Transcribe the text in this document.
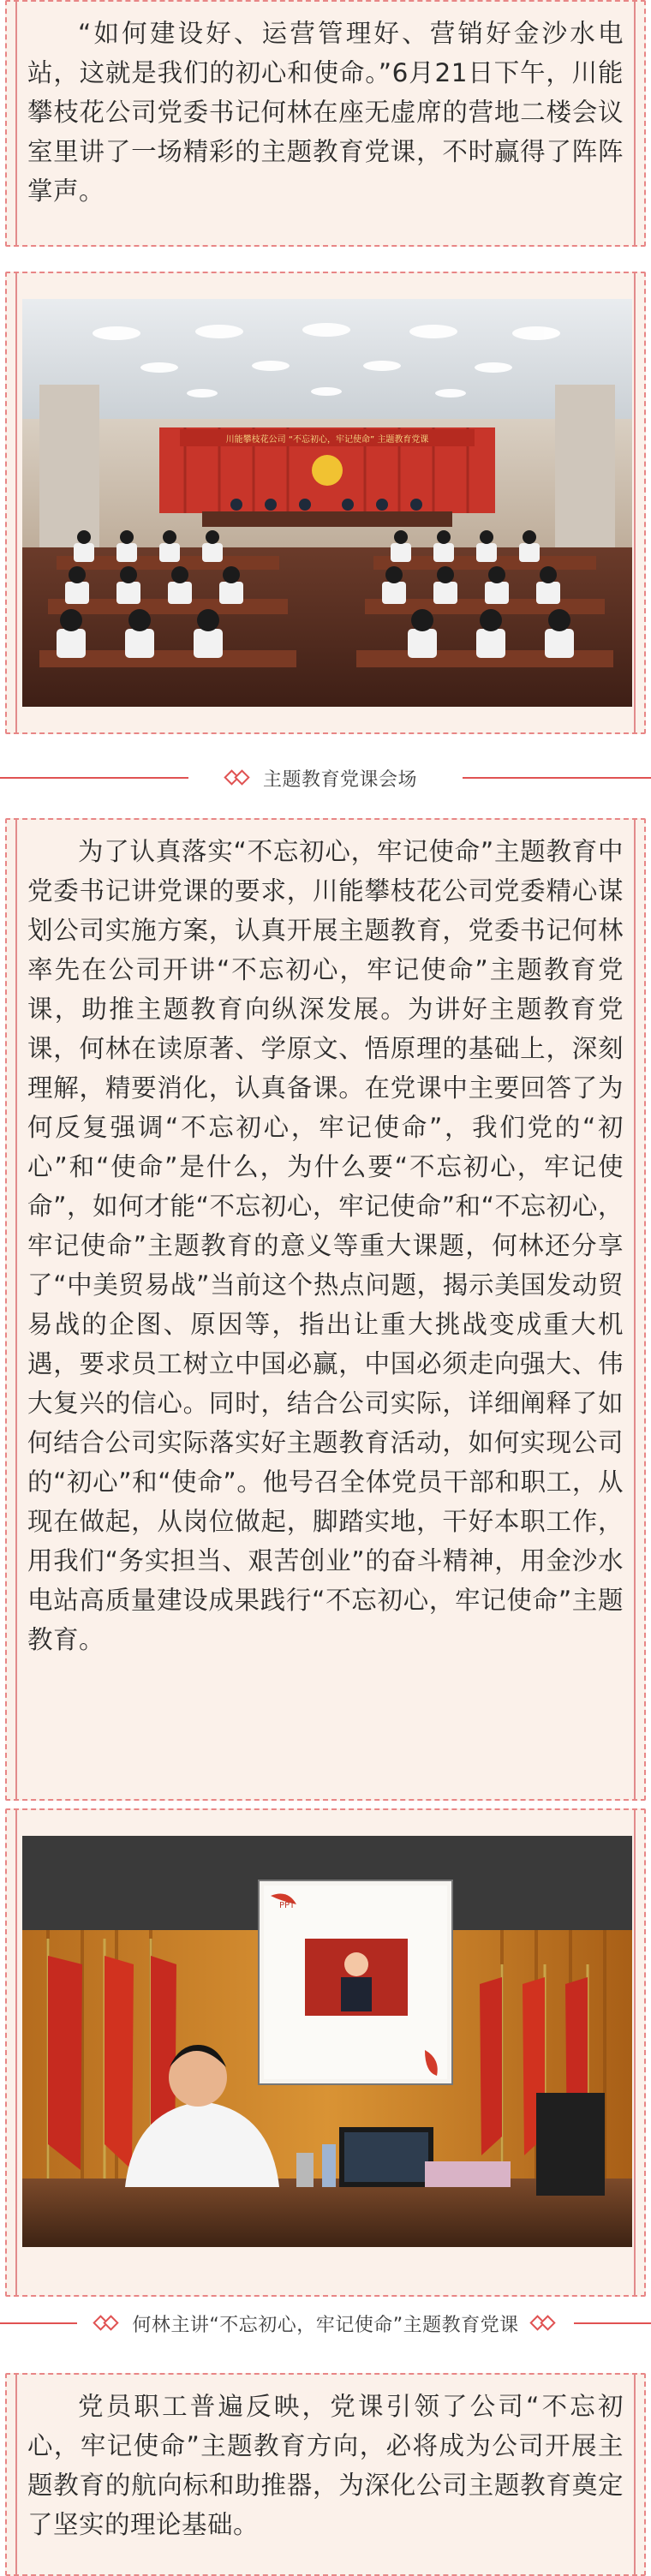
“如何建设好、运营管理好、营销好金沙水电站，这就是我们的初心和使命。”6月21日下午，川能攀枝花公司党委书记何林在座无虚席的营地二楼会议室里讲了一场精彩的主题教育党课，不时赢得了阵阵掌声。

川能攀枝花公司 “不忘初心，牢记使命” 主题教育党课
主题教育党课会场

为了认真落实“不忘初心，牢记使命”主题教育中党委书记讲党课的要求，川能攀枝花公司党委精心谋划公司实施方案，认真开展主题教育，党委书记何林率先在公司开讲“不忘初心，牢记使命”主题教育党课，助推主题教育向纵深发展。为讲好主题教育党课，何林在读原著、学原文、悟原理的基础上，深刻理解，精要消化，认真备课。在党课中主要回答了为何反复强调“不忘初心，牢记使命”，我们党的“初心”和“使命”是什么，为什么要“不忘初心，牢记使命”，如何才能“不忘初心，牢记使命”和“不忘初心，牢记使命”主题教育的意义等重大课题，何林还分享了“中美贸易战”当前这个热点问题，揭示美国发动贸易战的企图、原因等，指出让重大挑战变成重大机遇，要求员工树立中国必赢，中国必须走向强大、伟大复兴的信心。同时，结合公司实际，详细阐释了如何结合公司实际落实好主题教育活动，如何实现公司的“初心”和“使命”。他号召全体党员干部和职工，从现在做起，从岗位做起，脚踏实地，干好本职工作，用我们“务实担当、艰苦创业”的奋斗精神，用金沙水电站高质量建设成果践行“不忘初心，牢记使命”主题教育。

PPT
何林主讲“不忘初心，牢记使命”主题教育党课

党员职工普遍反映，党课引领了公司“不忘初心，牢记使命”主题教育方向，必将成为公司开展主题教育的航向标和助推器，为深化公司主题教育奠定了坚实的理论基础。
